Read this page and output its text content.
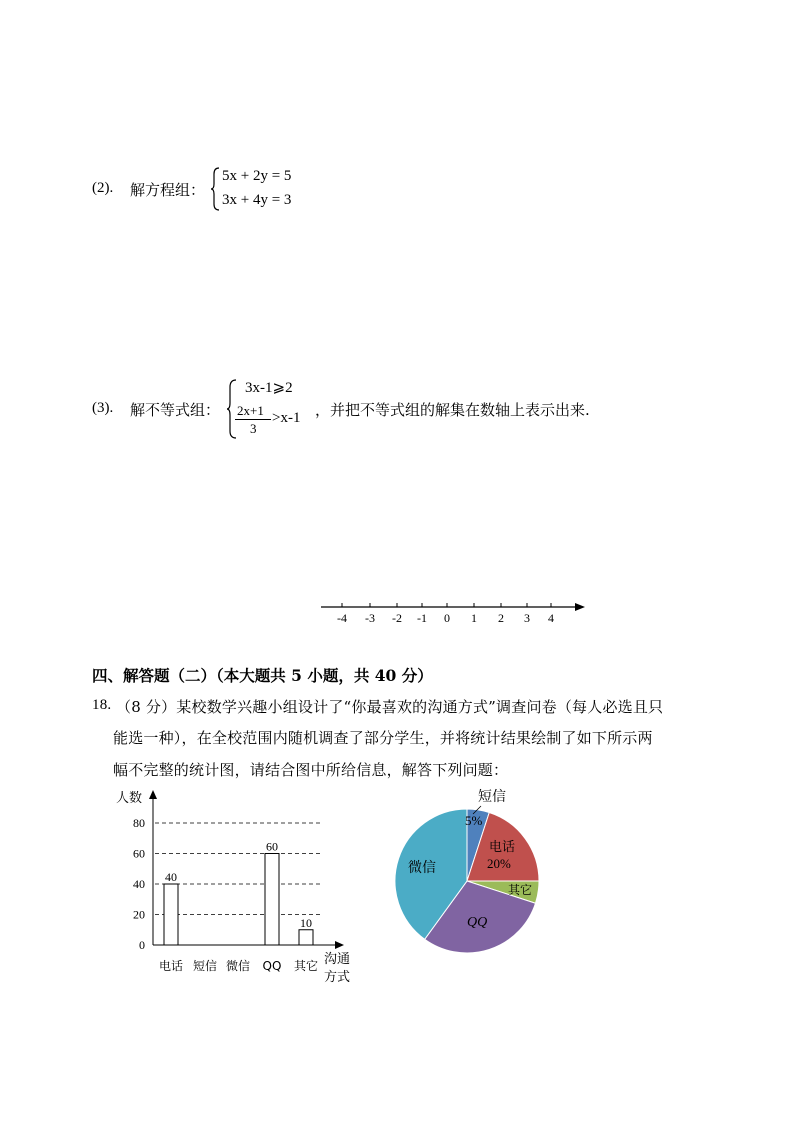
(2). 解方程组：
5x + 2y = 5
3x + 4y = 3
(3). 解不等式组：
3x-1⩾2
2x+1
3
>x-1 ，并把不等式组的解集在数轴上表示出来.
-4 -3 -2 -1 0 1 2 3 4
四、解答题（二）（本大题共 5 小题，共 40 分）
18. （8 分）某校数学兴趣小组设计了“你最喜欢的沟通方式”调查问卷（每人必选且只
能选一种），在全校范围内随机调查了部分学生，并将统计结果绘制了如下所示两
幅不完整的统计图，请结合图中所给信息，解答下列问题：
人数
沟通
方式
0
20
40
60
80
40
60
10
电话 短信 微信 QQ 其它
短信
5%
电话
20%
其它
QQ
微信
